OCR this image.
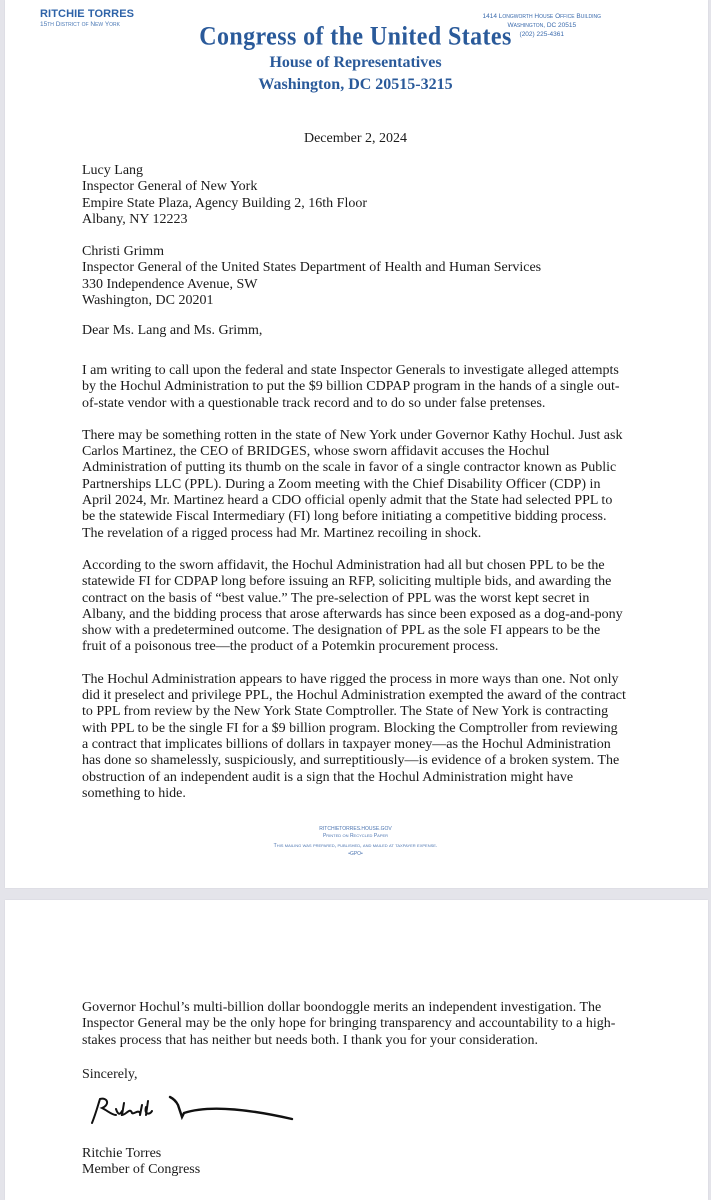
RITCHIE TORRES
15th District of New York
1414 Longworth House Office Building
Washington, DC 20515
(202) 225-4361
Congress of the United States
House of Representatives
Washington, DC 20515-3215
December 2, 2024

Lucy Lang
Inspector General of New York
Empire State Plaza, Agency Building 2, 16th Floor
Albany, NY 12223

Christi Grimm
Inspector General of the United States Department of Health and Human Services
330 Independence Avenue, SW
Washington, DC 20201

Dear Ms. Lang and Ms. Grimm,

I am writing to call upon the federal and state Inspector Generals to investigate alleged attempts by the Hochul Administration to put the $9 billion CDPAP program in the hands of a single out-of-state vendor with a questionable track record and to do so under false pretenses.

There may be something rotten in the state of New York under Governor Kathy Hochul. Just ask Carlos Martinez, the CEO of BRIDGES, whose sworn affidavit accuses the Hochul Administration of putting its thumb on the scale in favor of a single contractor known as Public Partnerships LLC (PPL). During a Zoom meeting with the Chief Disability Officer (CDP) in April 2024, Mr. Martinez heard a CDO official openly admit that the State had selected PPL to be the statewide Fiscal Intermediary (FI) long before initiating a competitive bidding process. The revelation of a rigged process had Mr. Martinez recoiling in shock.

According to the sworn affidavit, the Hochul Administration had all but chosen PPL to be the statewide FI for CDPAP long before issuing an RFP, soliciting multiple bids, and awarding the contract on the basis of “best value.” The pre-selection of PPL was the worst kept secret in Albany, and the bidding process that arose afterwards has since been exposed as a dog-and-pony show with a predetermined outcome. The designation of PPL as the sole FI appears to be the fruit of a poisonous tree—the product of a Potemkin procurement process.

The Hochul Administration appears to have rigged the process in more ways than one. Not only did it preselect and privilege PPL, the Hochul Administration exempted the award of the contract to PPL from review by the New York State Comptroller. The State of New York is contracting with PPL to be the single FI for a $9 billion program. Blocking the Comptroller from reviewing a contract that implicates billions of dollars in taxpayer money—as the Hochul Administration has done so shamelessly, suspiciously, and surreptitiously—is evidence of a broken system. The obstruction of an independent audit is a sign that the Hochul Administration might have something to hide.

RITCHIETORRES.HOUSE.GOV
Printed on Recycled Paper
This mailing was prepared, published, and mailed at taxpayer expense.
•GPO•
Governor Hochul’s multi-billion dollar boondoggle merits an independent investigation. The Inspector General may be the only hope for bringing transparency and accountability to a high-stakes process that has neither but needs both. I thank you for your consideration.
Sincerely,
Ritchie Torres
Member of Congress
